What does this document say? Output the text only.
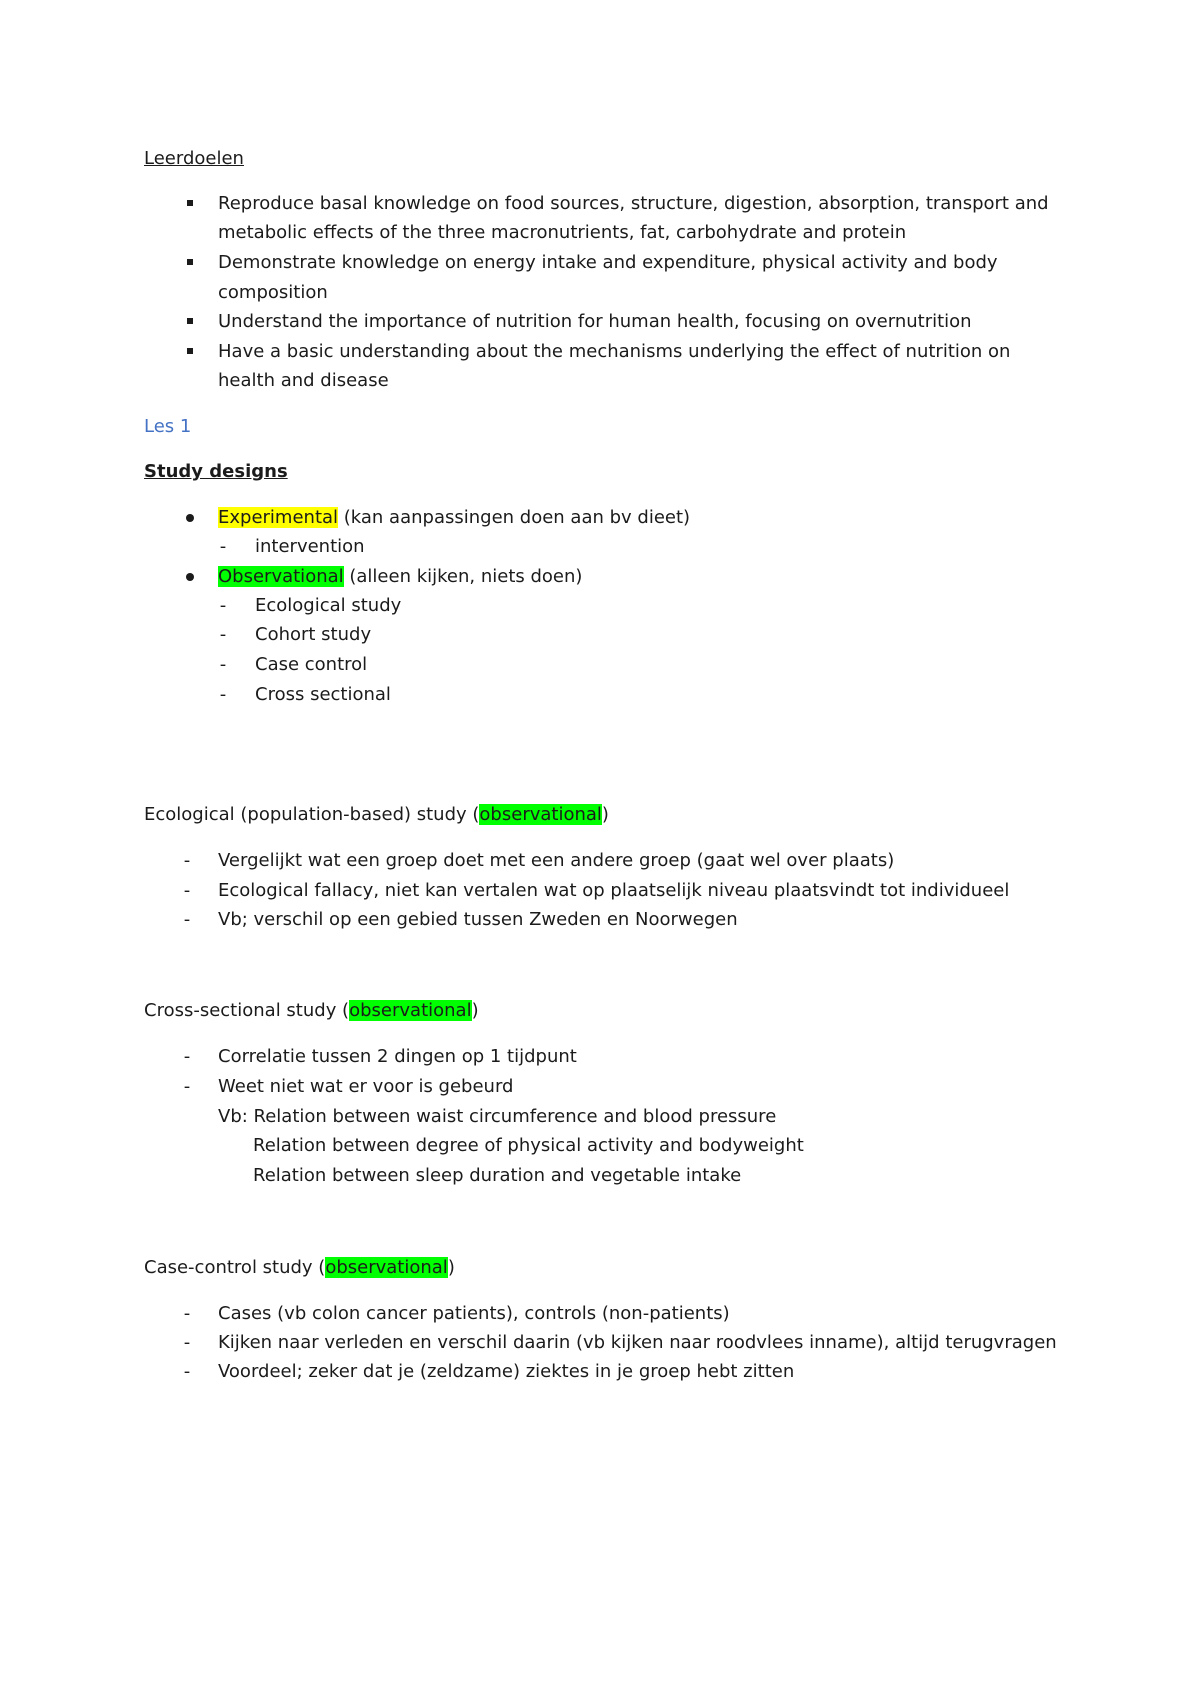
Leerdoelen
Reproduce basal knowledge on food sources, structure, digestion, absorption, transport and
metabolic effects of the three macronutrients, fat, carbohydrate and protein
Demonstrate knowledge on energy intake and expenditure, physical activity and body
composition
Understand the importance of nutrition for human health, focusing on overnutrition
Have a basic understanding about the mechanisms underlying the effect of nutrition on
health and disease
Les 1
Study designs
Experimental (kan aanpassingen doen aan bv dieet)
-	intervention
Observational (alleen kijken, niets doen)
-	Ecological study
-	Cohort study
-	Case control
-	Cross sectional
Ecological (population-based) study (observational)
-	Vergelijkt wat een groep doet met een andere groep (gaat wel over plaats)
-	Ecological fallacy, niet kan vertalen wat op plaatselijk niveau plaatsvindt tot individueel
-	Vb; verschil op een gebied tussen Zweden en Noorwegen
Cross-sectional study (observational)
-	Correlatie tussen 2 dingen op 1 tijdpunt
-	Weet niet wat er voor is gebeurd
Vb: Relation between waist circumference and blood pressure
Relation between degree of physical activity and bodyweight
Relation between sleep duration and vegetable intake
Case-control study (observational)
-	Cases (vb colon cancer patients), controls (non-patients)
-	Kijken naar verleden en verschil daarin (vb kijken naar roodvlees inname), altijd terugvragen
-	Voordeel; zeker dat je (zeldzame) ziektes in je groep hebt zitten
